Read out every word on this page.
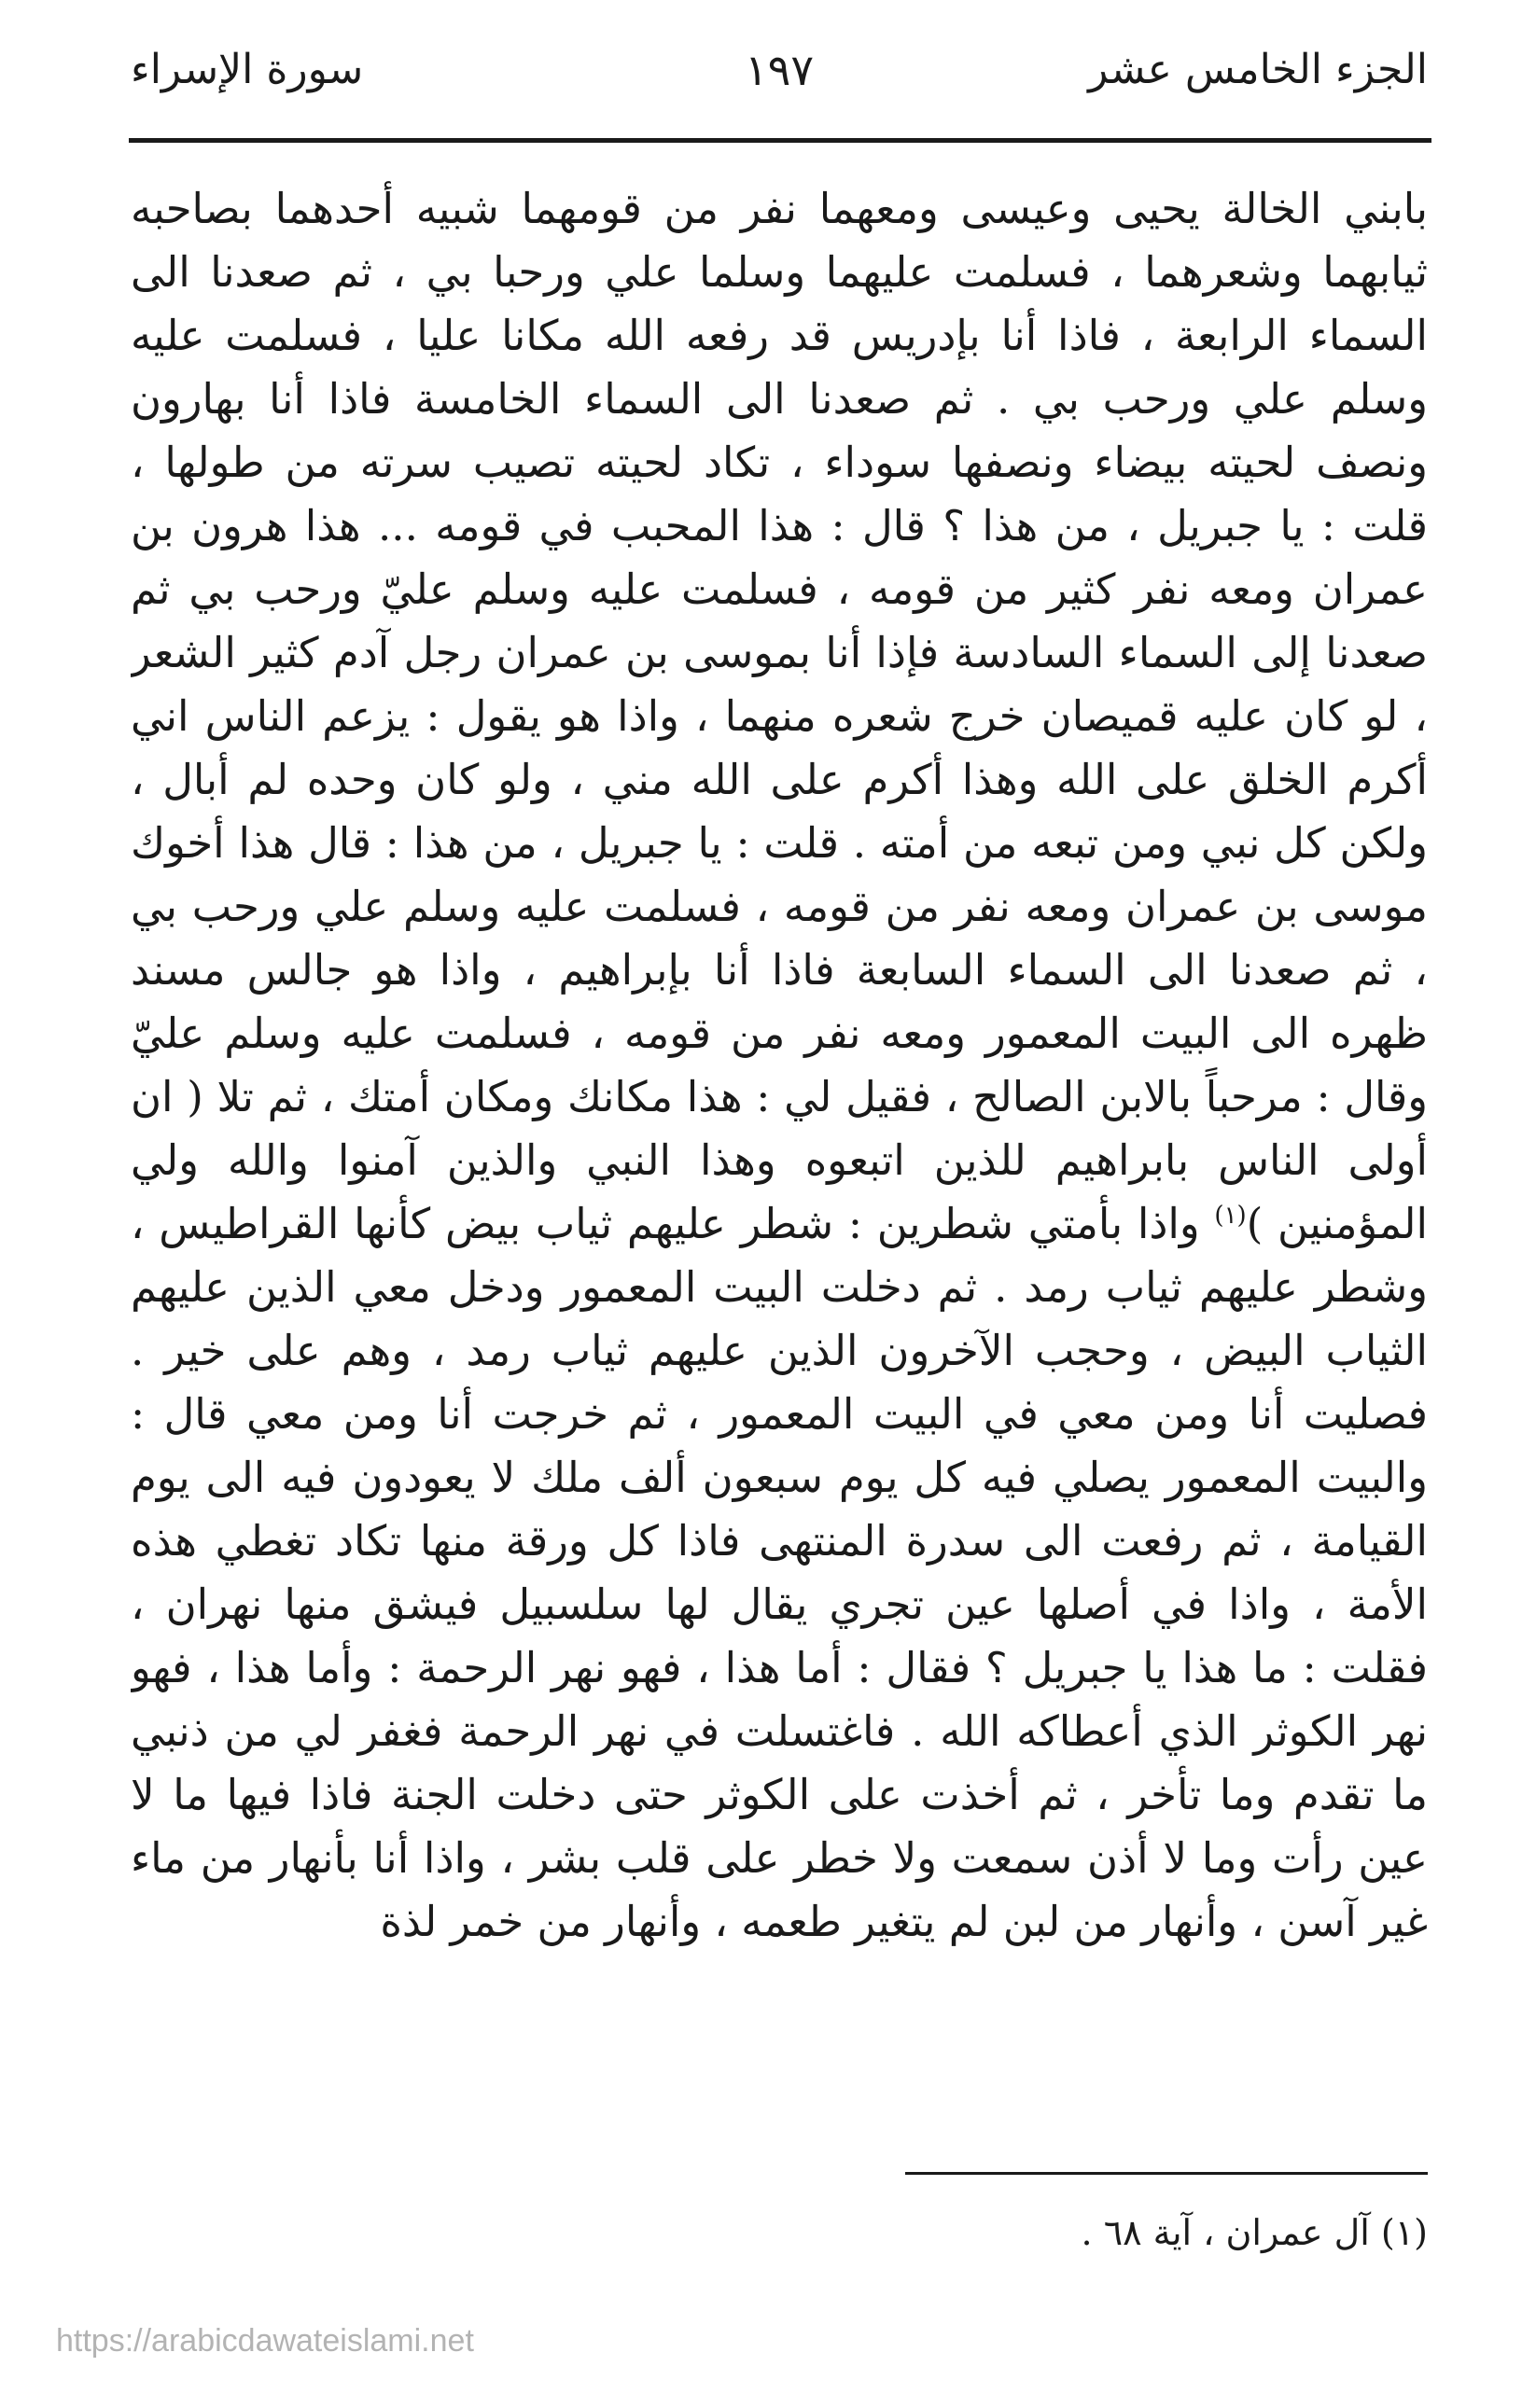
الجزء الخامس عشر
١٩٧
سورة الإسراء
بابني الخالة يحيى وعيسى ومعهما نفر من قومهما شبيه أحدهما بصاحبه ثيابهما وشعرهما ، فسلمت عليهما وسلما علي ورحبا بي ، ثم صعدنا الى السماء الرابعة ، فاذا أنا بإدريس قد رفعه الله مكانا عليا ، فسلمت عليه وسلم علي ورحب بي . ثم صعدنا الى السماء الخامسة فاذا أنا بهارون ونصف لحيته بيضاء ونصفها سوداء ، تكاد لحيته تصيب سرته من طولها ، قلت : يا جبريل ، من هذا ؟ قال : هذا المحبب في قومه ... هذا هرون بن عمران ومعه نفر كثير من قومه ، فسلمت عليه وسلم عليّ ورحب بي ثم صعدنا إلى السماء السادسة فإذا أنا بموسى بن عمران رجل آدم كثير الشعر ، لو كان عليه قميصان خرج شعره منهما ، واذا هو يقول : يزعم الناس اني أكرم الخلق على الله وهذا أكرم على الله مني ، ولو كان وحده لم أبال ، ولكن كل نبي ومن تبعه من أمته . قلت : يا جبريل ، من هذا : قال هذا أخوك موسى بن عمران ومعه نفر من قومه ، فسلمت عليه وسلم علي ورحب بي ، ثم صعدنا الى السماء السابعة فاذا أنا بإبراهيم ، واذا هو جالس مسند ظهره الى البيت المعمور ومعه نفر من قومه ، فسلمت عليه وسلم عليّ وقال : مرحباً بالابن الصالح ، فقيل لي : هذا مكانك ومكان أمتك ، ثم تلا ( ان أولى الناس بابراهيم للذين اتبعوه وهذا النبي والذين آمنوا والله ولي المؤمنين )$^{(١)}$ واذا بأمتي شطرين : شطر عليهم ثياب بيض كأنها القراطيس ، وشطر عليهم ثياب رمد . ثم دخلت البيت المعمور ودخل معي الذين عليهم الثياب البيض ، وحجب الآخرون الذين عليهم ثياب رمد ، وهم على خير . فصليت أنا ومن معي في البيت المعمور ، ثم خرجت أنا ومن معي قال : والبيت المعمور يصلي فيه كل يوم سبعون ألف ملك لا يعودون فيه الى يوم القيامة ، ثم رفعت الى سدرة المنتهى فاذا كل ورقة منها تكاد تغطي هذه الأمة ، واذا في أصلها عين تجري يقال لها سلسبيل فيشق منها نهران ، فقلت : ما هذا يا جبريل ؟ فقال : أما هذا ، فهو نهر الرحمة : وأما هذا ، فهو نهر الكوثر الذي أعطاكه الله . فاغتسلت في نهر الرحمة فغفر لي من ذنبي ما تقدم وما تأخر ، ثم أخذت على الكوثر حتى دخلت الجنة فاذا فيها ما لا عين رأت وما لا أذن سمعت ولا خطر على قلب بشر ، واذا أنا بأنهار من ماء غير آسن ، وأنهار من لبن لم يتغير طعمه ، وأنهار من خمر لذة
(١) آل عمران ، آية ٦٨ .
https://arabicdawateislami.net
